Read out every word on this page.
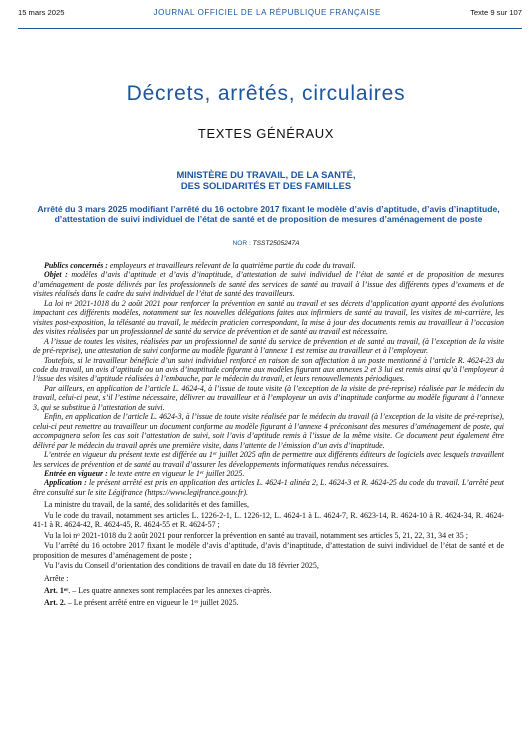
15 mars 2025	JOURNAL OFFICIEL DE LA RÉPUBLIQUE FRANÇAISE	Texte 9 sur 107
Décrets, arrêtés, circulaires
TEXTES GÉNÉRAUX
MINISTÈRE DU TRAVAIL, DE LA SANTÉ,
DES SOLIDARITÉS ET DES FAMILLES
Arrêté du 3 mars 2025 modifiant l’arrêté du 16 octobre 2017 fixant le modèle d’avis d’aptitude, d’avis d’inaptitude, d’attestation de suivi individuel de l’état de santé et de proposition de mesures d’aménagement de poste
NOR : TSST2505247A

Publics concernés : employeurs et travailleurs relevant de la quatrième partie du code du travail.

Objet : modèles d’avis d’aptitude et d’avis d’inaptitude, d’attestation de suivi individuel de l’état de santé et de proposition de mesures d’aménagement de poste délivrés par les professionnels de santé des services de santé au travail à l’issue des différents types d’examens et de visites réalisés dans le cadre du suivi individuel de l’état de santé des travailleurs.

La loi $n^o$ 2021-1018 du 2 août 2021 pour renforcer la prévention en santé au travail et ses décrets d’application ayant apporté des évolutions impactant ces différents modèles, notamment sur les nouvelles délégations faites aux infirmiers de santé au travail, les visites de mi-carrière, les visites post-exposition, la télésanté au travail, le médecin praticien correspondant, la mise à jour des documents remis au travailleur à l’occasion des visites réalisées par un professionnel de santé du service de prévention et de santé au travail est nécessaire.

A l’issue de toutes les visites, réalisées par un professionnel de santé du service de prévention et de santé au travail, (à l’exception de la visite de pré-reprise), une attestation de suivi conforme au modèle figurant à l’annexe 1 est remise au travailleur et à l’employeur.

Toutefois, si le travailleur bénéficie d’un suivi individuel renforcé en raison de son affectation à un poste mentionné à l’article R. 4624-23 du code du travail, un avis d’aptitude ou un avis d’inaptitude conforme aux modèles figurant aux annexes 2 et 3 lui est remis ainsi qu’à l’employeur à l’issue des visites d’aptitude réalisées à l’embauche, par le médecin du travail, et leurs renouvellements périodiques.

Par ailleurs, en application de l’article L. 4624-4, à l’issue de toute visite (à l’exception de la visite de pré-reprise) réalisée par le médecin du travail, celui-ci peut, s’il l’estime nécessaire, délivrer au travailleur et à l’employeur un avis d’inaptitude conforme au modèle figurant à l’annexe 3, qui se substitue à l’attestation de suivi.

Enfin, en application de l’article L. 4624-3, à l’issue de toute visite réalisée par le médecin du travail (à l’exception de la visite de pré-reprise), celui-ci peut remettre au travailleur un document conforme au modèle figurant à l’annexe 4 préconisant des mesures d’aménagement de poste, qui accompagnera selon les cas soit l’attestation de suivi, soit l’avis d’aptitude remis à l’issue de la même visite. Ce document peut également être délivré par le médecin du travail après une première visite, dans l’attente de l’émission d’un avis d’inaptitude.

L’entrée en vigueur du présent texte est différée au 1er juillet 2025 afin de permettre aux différents éditeurs de logiciels avec lesquels travaillent les services de prévention et de santé au travail d’assurer les développements informatiques rendus nécessaires.

Entrée en vigueur : le texte entre en vigueur le 1er juillet 2025.

Application : le présent arrêté est pris en application des articles L. 4624-1 alinéa 2, L. 4624-3 et R. 4624-25 du code du travail. L’arrêté peut être consulté sur le site Légifrance (https://www.legifrance.gouv.fr).

La ministre du travail, de la santé, des solidarités et des familles,

Vu le code du travail, notamment ses articles L. 1226-2-1, L. 1226-12, L. 4624-1 à L. 4624-7, R. 4623-14, R. 4624-10 à R. 4624-34, R. 4624-41-1 à R. 4624-42, R. 4624-45, R. 4624-55 et R. 4624-57 ;

Vu la loi $n^o$ 2021-1018 du 2 août 2021 pour renforcer la prévention en santé au travail, notamment ses articles 5, 21, 22, 31, 34 et 35 ;

Vu l’arrêté du 16 octobre 2017 fixant le modèle d’avis d’aptitude, d’avis d’inaptitude, d’attestation de suivi individuel de l’état de santé et de proposition de mesures d’aménagement de poste ;

Vu l’avis du Conseil d’orientation des conditions de travail en date du 18 février 2025,

Arrête :

Art. 1er. – Les quatre annexes sont remplacées par les annexes ci-après.

Art. 2. – Le présent arrêté entre en vigueur le 1er juillet 2025.
